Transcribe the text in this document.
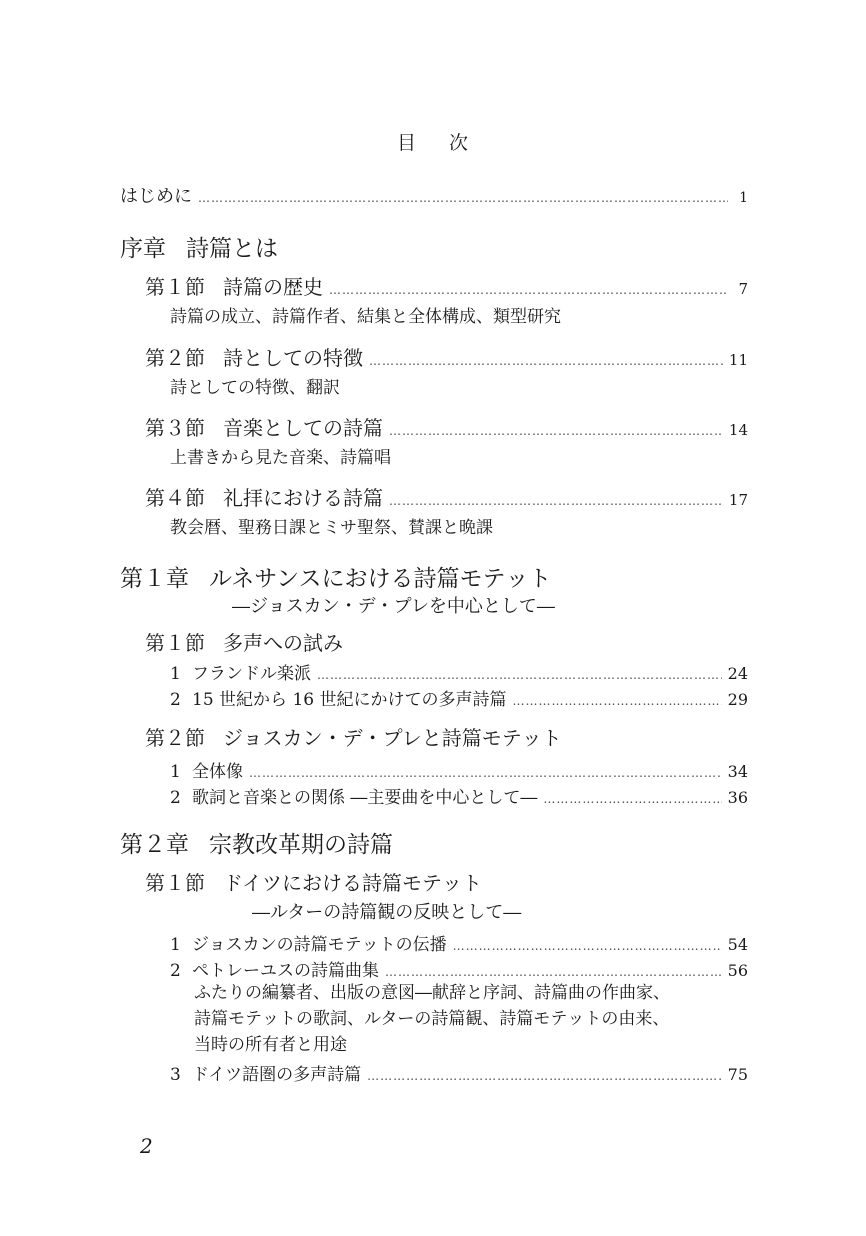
目 次
はじめに …………………………………………………………………………………………………………………………………………………………………………………………	1
序章 詩篇とは
第１節 詩篇の歴史 …………………………………………………………………………………………………………………………………………………………………………………………	7
詩篇の成立、詩篇作者、結集と全体構成、類型研究
第２節 詩としての特徴 …………………………………………………………………………………………………………………………………………………………………………………………	11
詩としての特徴、翻訳
第３節 音楽としての詩篇 …………………………………………………………………………………………………………………………………………………………………………………………	14
上書きから見た音楽、詩篇唱
第４節 礼拝における詩篇 …………………………………………………………………………………………………………………………………………………………………………………………	17
教会暦、聖務日課とミサ聖祭、賛課と晩課
第１章 ルネサンスにおける詩篇モテット
―ジョスカン・デ・プレを中心として―
第１節 多声への試み
1 フランドル楽派 …………………………………………………………………………………………………………………………………………………………………………………………	24
2 15 世紀から 16 世紀にかけての多声詩篇 …………………………………………………………………………………………………………………………………………………………………………………………	29
第２節 ジョスカン・デ・プレと詩篇モテット
1 全体像 …………………………………………………………………………………………………………………………………………………………………………………………	34
2 歌詞と音楽との関係 ―主要曲を中心として― …………………………………………………………………………………………………………………………………………………………………………………………	36
第２章 宗教改革期の詩篇
第１節 ドイツにおける詩篇モテット
―ルターの詩篇観の反映として―
1 ジョスカンの詩篇モテットの伝播 …………………………………………………………………………………………………………………………………………………………………………………………	54
2 ペトレーユスの詩篇曲集 …………………………………………………………………………………………………………………………………………………………………………………………	56
ふたりの編纂者、出版の意図―献辞と序詞、詩篇曲の作曲家、
詩篇モテットの歌詞、ルターの詩篇観、詩篇モテットの由来、
当時の所有者と用途
3 ドイツ語圏の多声詩篇 …………………………………………………………………………………………………………………………………………………………………………………………	75
2
